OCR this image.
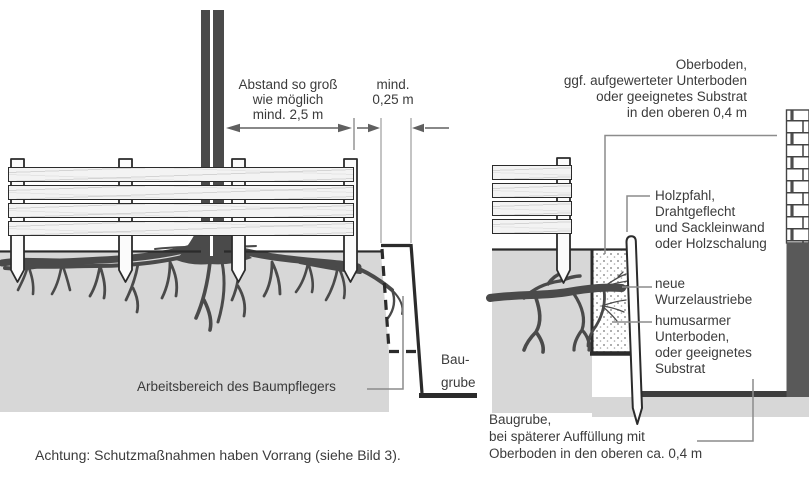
Abstand so groß
wie möglich
mind. 2,5 m
mind.
0,25 m
Arbeitsbereich des Baumpflegers
Bau-
grube
Oberboden,
ggf. aufgewerteter Unterboden
oder geeignetes Substrat
in den oberen 0,4 m
Holzpfahl,
Drahtgeflecht
und Sackleinwand
oder Holzschalung
neue
Wurzelaustriebe
humusarmer
Unterboden,
oder geeignetes
Substrat
Baugrube,
bei späterer Auffüllung mit
Oberboden in den oberen ca. 0,4 m
Achtung: Schutzmaßnahmen haben Vorrang (siehe Bild 3).
